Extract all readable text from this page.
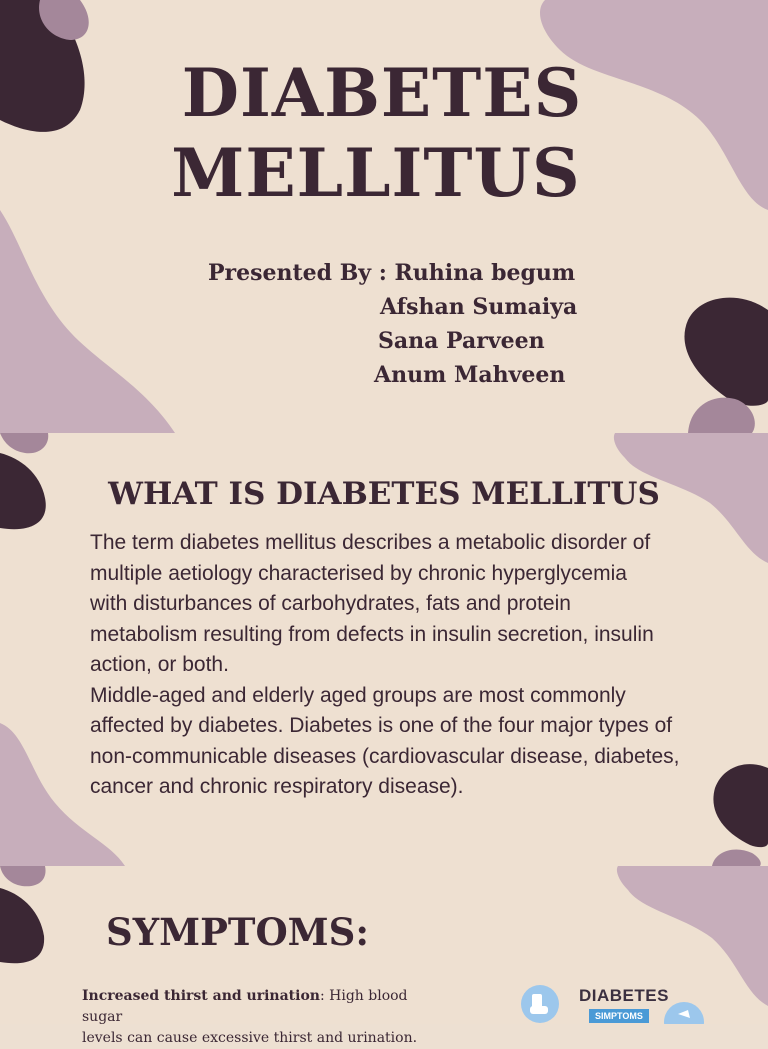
DIABETES
MELLITUS
Presented By : Ruhina begum
Afshan Sumaiya
Sana Parveen
Anum Mahveen
WHAT IS DIABETES MELLITUS
The term diabetes mellitus describes a metabolic disorder of
multiple aetiology characterised by chronic hyperglycemia
with disturbances of carbohydrates, fats and protein
metabolism resulting from defects in insulin secretion, insulin
action, or both.
Middle-aged and elderly aged groups are most commonly
affected by diabetes. Diabetes is one of the four major types of
non-communicable diseases (cardiovascular disease, diabetes,
cancer and chronic respiratory disease).
SYMPTOMS:
Increased thirst and urination: High blood sugar
levels can cause excessive thirst and urination.
DIABETES
SIMPTOMS
